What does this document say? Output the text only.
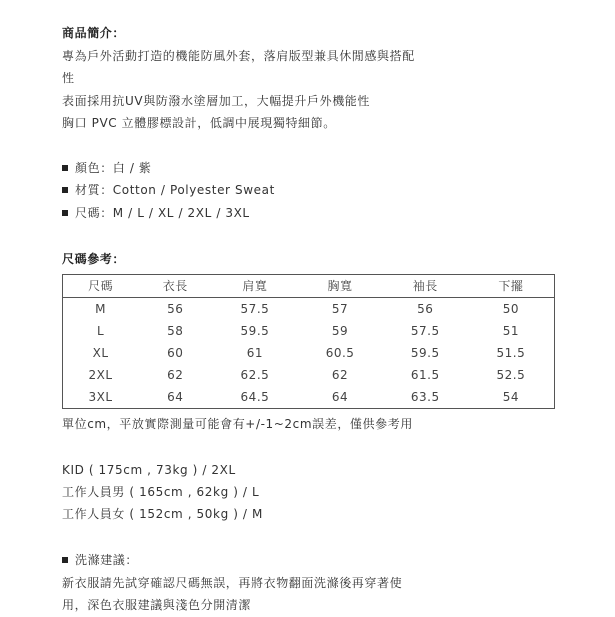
商品簡介：
專為戶外活動打造的機能防風外套，落肩版型兼具休閒感與搭配
性
表面採用抗UV與防潑水塗層加工，大幅提升戶外機能性
胸口 PVC 立體膠標設計，低調中展現獨特細節。
顏色：白 / 紫
材質：Cotton / Polyester Sweat
尺碼：M / L / XL / 2XL / 3XL
尺碼參考：
尺碼	衣長	肩寬	胸寬	袖長	下擺
M	56	57.5	57	56	50
L	58	59.5	59	57.5	51
XL	60	61	60.5	59.5	51.5
2XL	62	62.5	62	61.5	52.5
3XL	64	64.5	64	63.5	54
單位cm，平放實際測量可能會有+/-1~2cm誤差，僅供參考用
KID ( 175cm , 73kg ) / 2XL
工作人員男 ( 165cm , 62kg ) / L
工作人員女 ( 152cm , 50kg ) / M
洗滌建議：
新衣服請先試穿確認尺碼無誤，再將衣物翻面洗滌後再穿著使
用，深色衣服建議與淺色分開清潔
